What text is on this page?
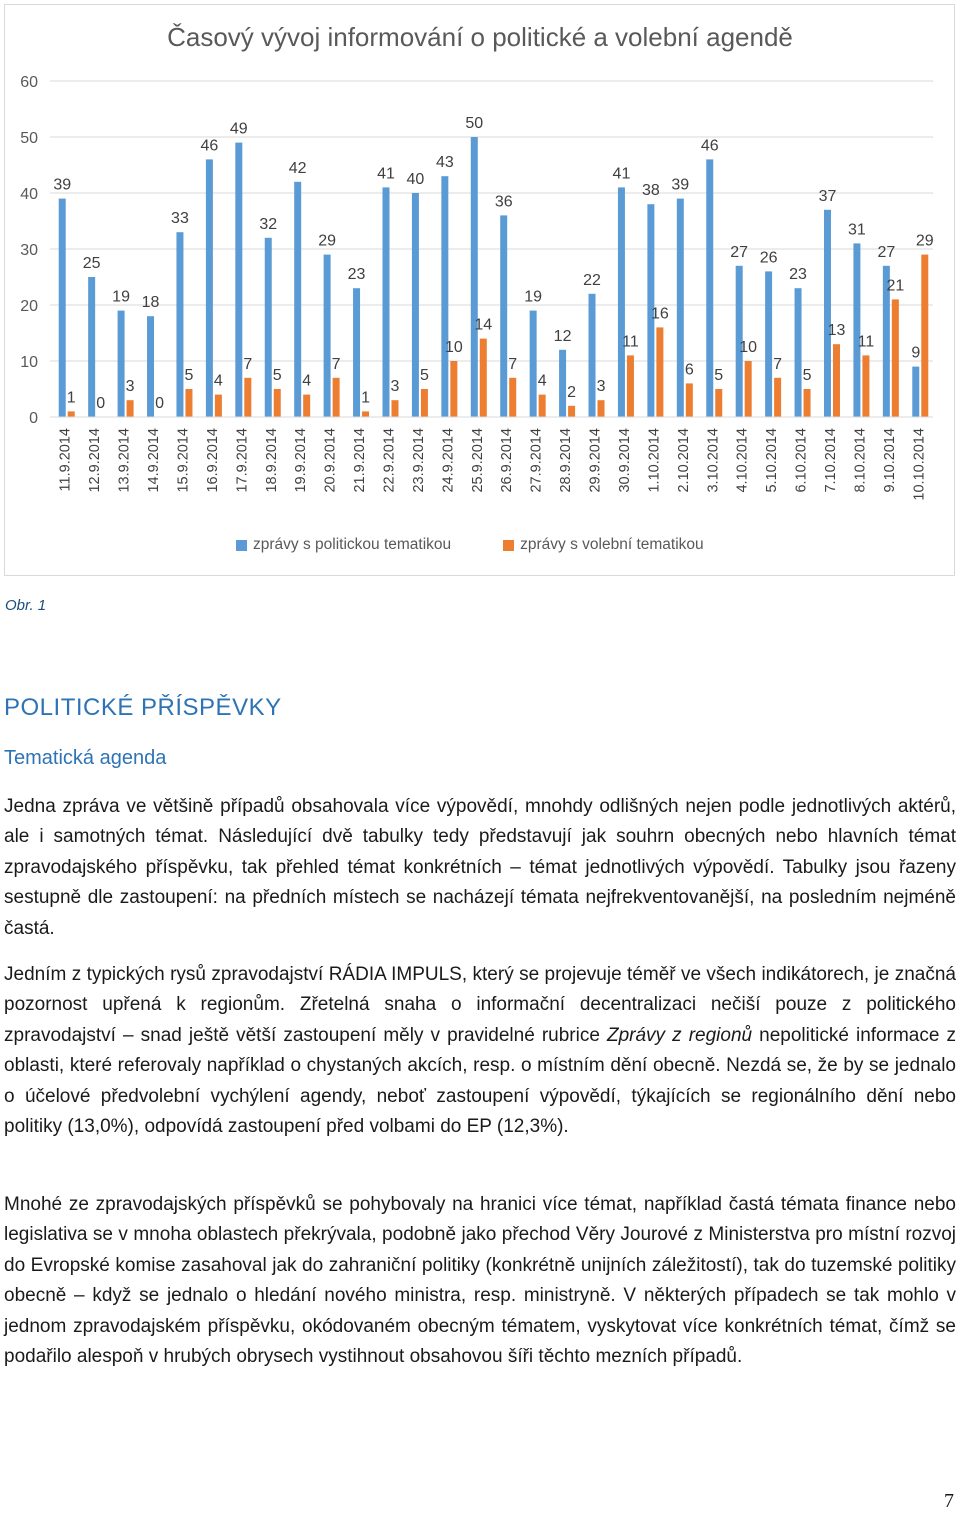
Časový vývoj informování o politické a volební agendě
0
10
20
30
40
50
60
39
1
11.9.2014
25
0
12.9.2014
19
3
13.9.2014
18
0
14.9.2014
33
5
15.9.2014
46
4
16.9.2014
49
7
17.9.2014
32
5
18.9.2014
42
4
19.9.2014
29
7
20.9.2014
23
1
21.9.2014
41
3
22.9.2014
40
5
23.9.2014
43
10
24.9.2014
50
14
25.9.2014
36
7
26.9.2014
19
4
27.9.2014
12
2
28.9.2014
22
3
29.9.2014
41
11
30.9.2014
38
16
1.10.2014
39
6
2.10.2014
46
5
3.10.2014
27
10
4.10.2014
26
7
5.10.2014
23
5
6.10.2014
37
13
7.10.2014
31
11
8.10.2014
27
21
9.10.2014
9
29
10.10.2014
zprávy s politickou tematikou	zprávy s volební tematikou
Obr. 1
POLITICKÉ PŘÍSPĚVKY
Tematická agenda

Jedna zpráva ve většině případů obsahovala více výpovědí, mnohdy odlišných nejen podle jednotlivých aktérů, ale i samotných témat. Následující dvě tabulky tedy představují jak souhrn obecných nebo hlavních témat zpravodajského příspěvku, tak přehled témat konkrétních – témat jednotlivých výpovědí. Tabulky jsou řazeny sestupně dle zastoupení: na předních místech se nacházejí témata nejfrekventovanější, na posledním nejméně častá.

Jedním z typických rysů zpravodajství RÁDIA IMPULS, který se projevuje téměř ve všech indikátorech, je značná pozornost upřená k regionům. Zřetelná snaha o informační decentralizaci nečiší pouze z politického zpravodajství – snad ještě větší zastoupení měly v pravidelné rubrice Zprávy z regionů nepolitické informace z oblasti, které referovaly například o chystaných akcích, resp. o místním dění obecně. Nezdá se, že by se jednalo o účelové předvolební vychýlení agendy, neboť zastoupení výpovědí, týkajících se regionálního dění nebo politiky (13,0%), odpovídá zastoupení před volbami do EP (12,3%).

Mnohé ze zpravodajských příspěvků se pohybovaly na hranici více témat, například častá témata finance nebo legislativa se v mnoha oblastech překrývala, podobně jako přechod Věry Jourové z Ministerstva pro místní rozvoj do Evropské komise zasahoval jak do zahraniční politiky (konkrétně unijních záležitostí), tak do tuzemské politiky obecně – když se jednalo o hledání nového ministra, resp. ministryně. V některých případech se tak mohlo v jednom zpravodajském příspěvku, okódovaném obecným tématem, vyskytovat více konkrétních témat, čímž se podařilo alespoň v hrubých obrysech vystihnout obsahovou šíři těchto mezních případů.

7
